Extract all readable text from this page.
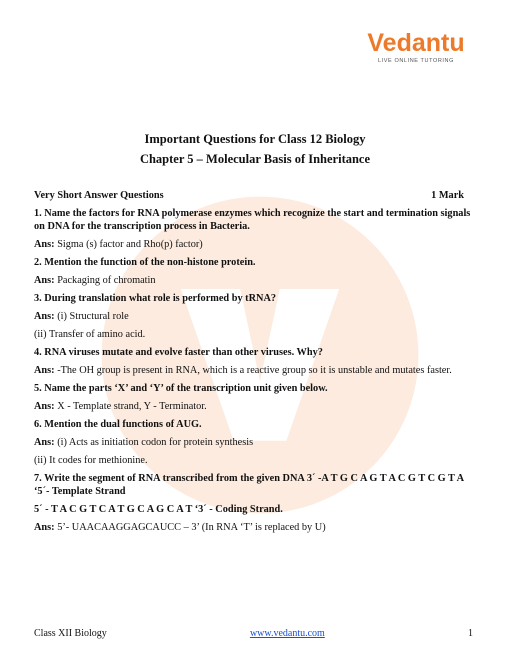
Vedantu
LIVE ONLINE TUTORING
Important Questions for Class 12 Biology
Chapter 5 – Molecular Basis of Inheritance
Very Short Answer Questions	1 Mark
1. Name the factors for RNA polymerase enzymes which recognize the start and termination signals on DNA for the transcription process in Bacteria.
Ans: Sigma (s) factor and Rho(p) factor)
2. Mention the function of the non-histone protein.
Ans: Packaging of chromatin
3. During translation what role is performed by tRNA?
Ans: (i) Structural role
(ii) Transfer of amino acid.
4. RNA viruses mutate and evolve faster than other viruses. Why?
Ans: -The OH group is present in RNA, which is a reactive group so it is unstable and mutates faster.
5. Name the parts ‘X’ and ‘Y’ of the transcription unit given below.
Ans: X - Template strand, Y - Terminator.
6. Mention the dual functions of AUG.
Ans: (i) Acts as initiation codon for protein synthesis
(ii) It codes for methionine.
7. Write the segment of RNA transcribed from the given DNA 3´ -A T G C A G T A C G T C G T A ‘5´- Template Strand
5´ - T A C G T C A T G C A G C A T ‘3´ - Coding Strand.
Ans: 5’- UAACAAGGAGCAUCC – 3’ (In RNA ‘T’ is replaced by U)
Class XII Biology	www.vedantu.com	1
